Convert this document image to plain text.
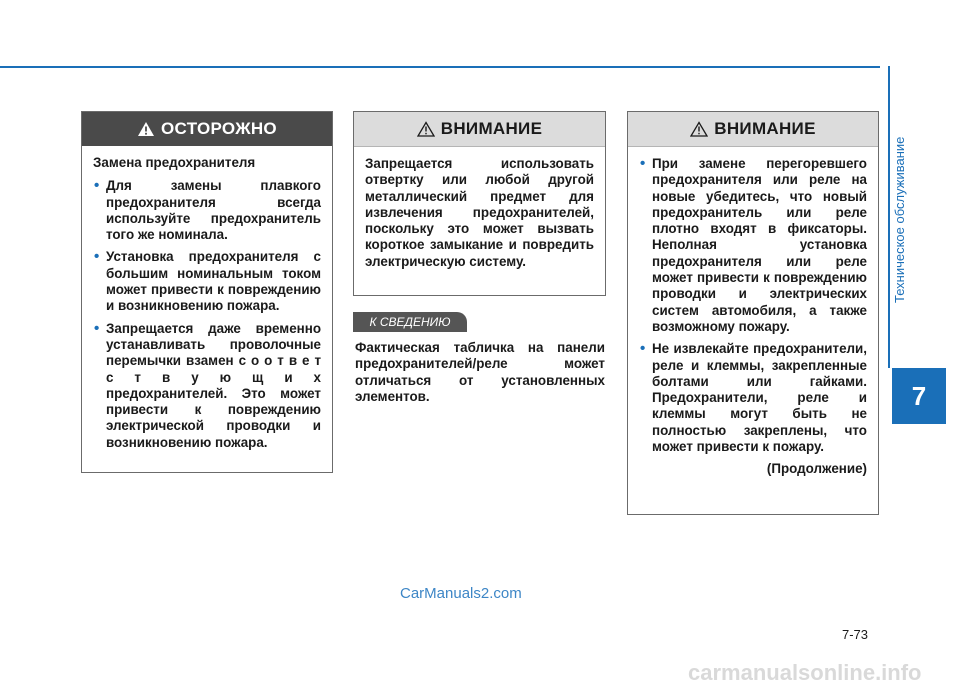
Техническое обслуживание
7
ОСТОРОЖНО

Замена предохранителя

• Для замены плавкого предохранителя всегда используйте предохранитель того же номинала.
• Установка предохранителя с большим номинальным током может привести к повреждению и возникновению пожара.
• Запрещается даже временно устанавливать проволочные перемычки взамен с о о т в е т с т в у ю щ и х предохранителей. Это может привести к повреждению электрической проводки и возникновению пожара.
ВНИМАНИЕ

Запрещается использовать отвертку или любой другой металлический предмет для извлечения предохранителей, поскольку это может вызвать короткое замыкание и повредить электрическую систему.

К СВЕДЕНИЮ
Фактическая табличка на панели предохранителей/реле может отличаться от установленных элементов.
ВНИМАНИЕ
• При замене перегоревшего предохранителя или реле на новые убедитесь, что новый предохранитель или реле плотно входят в фиксаторы. Неполная установка предохранителя или реле может привести к повреждению проводки и электрических систем автомобиля, а также возможному пожару.
• Не извлекайте предохранители, реле и клеммы, закрепленные болтами или гайками. Предохранители, реле и клеммы могут быть не полностью закреплены, что может привести к пожару.
(Продолжение)
CarManuals2.com
7-73
carmanualsonline.info
